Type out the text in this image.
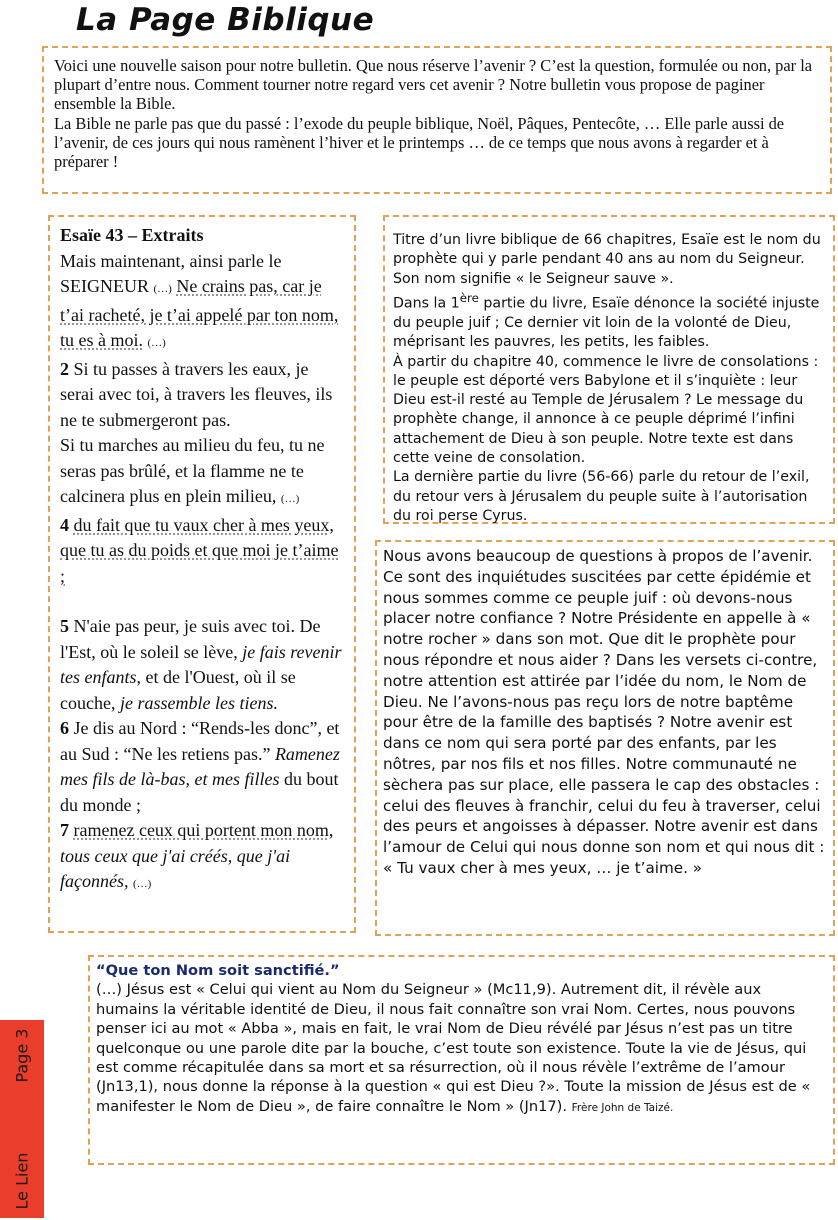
La Page Biblique

Voici une nouvelle saison pour notre bulletin. Que nous réserve l’avenir ? C’est la question, formulée ou non, par la plupart d’entre nous. Comment tourner notre regard vers cet avenir ? Notre bulletin vous propose de paginer ensemble la Bible.

La Bible ne parle pas que du passé : l’exode du peuple biblique, Noël, Pâques, Pentecôte, … Elle parle aussi de l’avenir, de ces jours qui nous ramènent l’hiver et le printemps … de ce temps que nous avons à regarder et à préparer !

Esaïe 43 – Extraits

Mais maintenant, ainsi parle le SEIGNEUR (…) Ne crains pas, car je t’ai racheté, je t’ai appelé par ton nom, tu es à moi. (…)

2 Si tu passes à travers les eaux, je serai avec toi, à travers les fleuves, ils ne te submergeront pas.

Si tu marches au milieu du feu, tu ne seras pas brûlé, et la flamme ne te calcinera plus en plein milieu, (…)

4 du fait que tu vaux cher à mes yeux, que tu as du poids et que moi je t’aime ;

5 N'aie pas peur, je suis avec toi. De l'Est, où le soleil se lève, je fais revenir tes enfants, et de l'Ouest, où il se couche, je rassemble les tiens.

6 Je dis au Nord : “Rends-les donc”, et au Sud : “Ne les retiens pas.” Ramenez mes fils de là-bas, et mes filles du bout du monde ;

7 ramenez ceux qui portent mon nom, tous ceux que j'ai créés, que j'ai façonnés, (…)

Titre d’un livre biblique de 66 chapitres, Esaïe est le nom du prophète qui y parle pendant 40 ans au nom du Seigneur. Son nom signifie « le Seigneur sauve ».

Dans la 1ère partie du livre, Esaïe dénonce la société injuste du peuple juif ; Ce dernier vit loin de la volonté de Dieu, méprisant les pauvres, les petits, les faibles.

À partir du chapitre 40, commence le livre de consolations : le peuple est déporté vers Babylone et il s’inquiète : leur Dieu est-il resté au Temple de Jérusalem ? Le message du prophète change, il annonce à ce peuple déprimé l’infini attachement de Dieu à son peuple. Notre texte est dans cette veine de consolation.

La dernière partie du livre (56-66) parle du retour de l’exil, du retour vers à Jérusalem du peuple suite à l’autorisation du roi perse Cyrus.

Nous avons beaucoup de questions à propos de l’avenir. Ce sont des inquiétudes suscitées par cette épidémie et nous sommes comme ce peuple juif : où devons-nous placer notre confiance ? Notre Présidente en appelle à « notre rocher » dans son mot. Que dit le prophète pour nous répondre et nous aider ? Dans les versets ci-contre, notre attention est attirée par l’idée du nom, le Nom de Dieu. Ne l’avons-nous pas reçu lors de notre baptême pour être de la famille des baptisés ? Notre avenir est dans ce nom qui sera porté par des enfants, par les nôtres, par nos fils et nos filles. Notre communauté ne sèchera pas sur place, elle passera le cap des obstacles : celui des fleuves à franchir, celui du feu à traverser, celui des peurs et angoisses à dépasser. Notre avenir est dans l’amour de Celui qui nous donne son nom et qui nous dit : « Tu vaux cher à mes yeux, … je t’aime. »

“Que ton Nom soit sanctifié.”

(…) Jésus est « Celui qui vient au Nom du Seigneur » (Mc11,9). Autrement dit, il révèle aux humains la véritable identité de Dieu, il nous fait connaître son vrai Nom. Certes, nous pouvons penser ici au mot « Abba », mais en fait, le vrai Nom de Dieu révélé par Jésus n’est pas un titre quelconque ou une parole dite par la bouche, c’est toute son existence. Toute la vie de Jésus, qui est comme récapitulée dans sa mort et sa résurrection, où il nous révèle l’extrême de l’amour (Jn13,1), nous donne la réponse à la question « qui est Dieu ?». Toute la mission de Jésus est de « manifester le Nom de Dieu », de faire connaître le Nom » (Jn17). Frère John de Taizé.

Le LienPage 3
